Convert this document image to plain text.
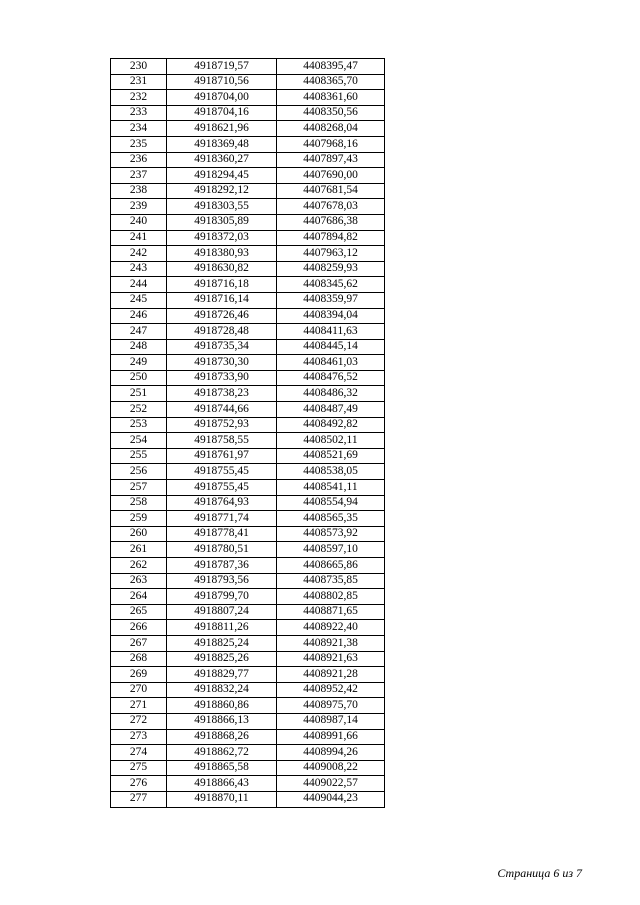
230	4918719,57	4408395,47
231	4918710,56	4408365,70
232	4918704,00	4408361,60
233	4918704,16	4408350,56
234	4918621,96	4408268,04
235	4918369,48	4407968,16
236	4918360,27	4407897,43
237	4918294,45	4407690,00
238	4918292,12	4407681,54
239	4918303,55	4407678,03
240	4918305,89	4407686,38
241	4918372,03	4407894,82
242	4918380,93	4407963,12
243	4918630,82	4408259,93
244	4918716,18	4408345,62
245	4918716,14	4408359,97
246	4918726,46	4408394,04
247	4918728,48	4408411,63
248	4918735,34	4408445,14
249	4918730,30	4408461,03
250	4918733,90	4408476,52
251	4918738,23	4408486,32
252	4918744,66	4408487,49
253	4918752,93	4408492,82
254	4918758,55	4408502,11
255	4918761,97	4408521,69
256	4918755,45	4408538,05
257	4918755,45	4408541,11
258	4918764,93	4408554,94
259	4918771,74	4408565,35
260	4918778,41	4408573,92
261	4918780,51	4408597,10
262	4918787,36	4408665,86
263	4918793,56	4408735,85
264	4918799,70	4408802,85
265	4918807,24	4408871,65
266	4918811,26	4408922,40
267	4918825,24	4408921,38
268	4918825,26	4408921,63
269	4918829,77	4408921,28
270	4918832,24	4408952,42
271	4918860,86	4408975,70
272	4918866,13	4408987,14
273	4918868,26	4408991,66
274	4918862,72	4408994,26
275	4918865,58	4409008,22
276	4918866,43	4409022,57
277	4918870,11	4409044,23
Страница 6 из 7
